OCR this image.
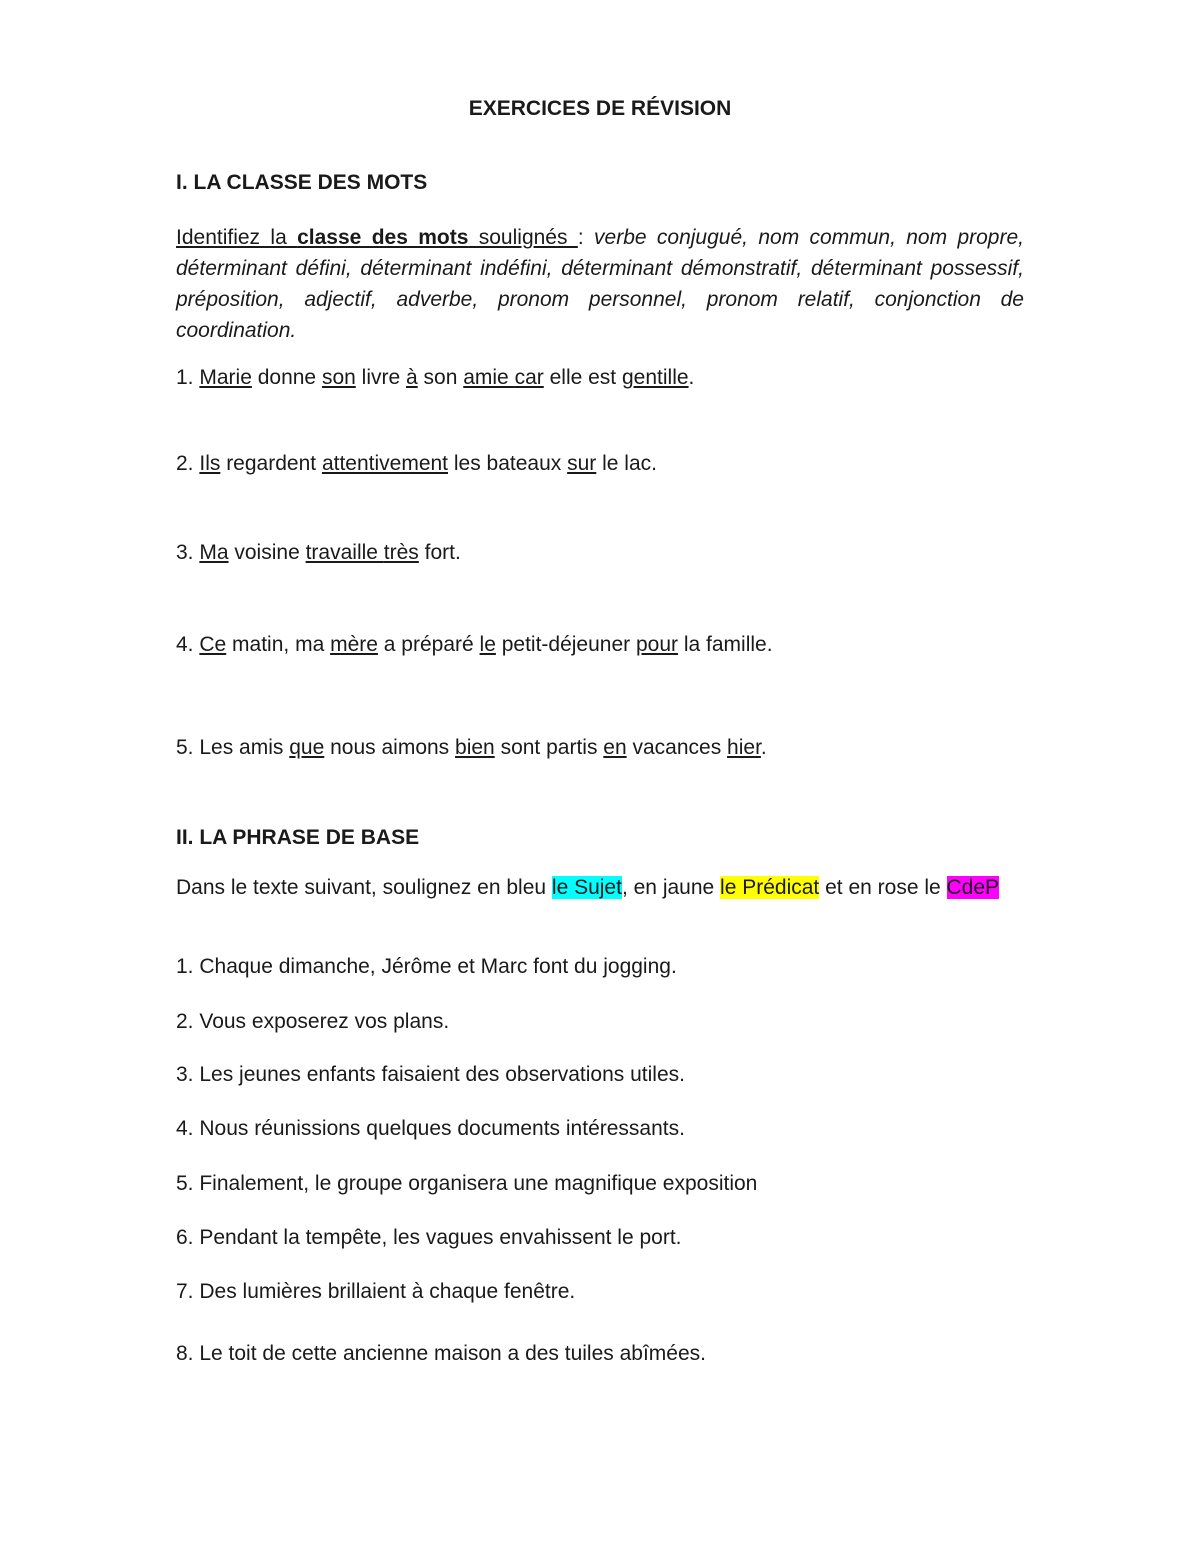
EXERCICES DE RÉVISION
I. LA CLASSE DES MOTS
Identifiez la classe des mots soulignés : verbe conjugué, nom commun, nom propre, déterminant défini, déterminant indéfini, déterminant démonstratif, déterminant possessif, préposition, adjectif, adverbe, pronom personnel, pronom relatif, conjonction de coordination.
1. Marie donne son livre à son amie car elle est gentille.
2. Ils regardent attentivement les bateaux sur le lac.
3. Ma voisine travaille très fort.
4. Ce matin, ma mère a préparé le petit-déjeuner pour la famille.
5. Les amis que nous aimons bien sont partis en vacances hier.
II. LA PHRASE DE BASE
Dans le texte suivant, soulignez en bleu le Sujet, en jaune le Prédicat et en rose le CdeP
1. Chaque dimanche, Jérôme et Marc font du jogging.
2. Vous exposerez vos plans.
3. Les jeunes enfants faisaient des observations utiles.
4. Nous réunissions quelques documents intéressants.
5. Finalement, le groupe organisera une magnifique exposition
6. Pendant la tempête, les vagues envahissent le port.
7. Des lumières brillaient à chaque fenêtre.
8. Le toit de cette ancienne maison a des tuiles abîmées.
